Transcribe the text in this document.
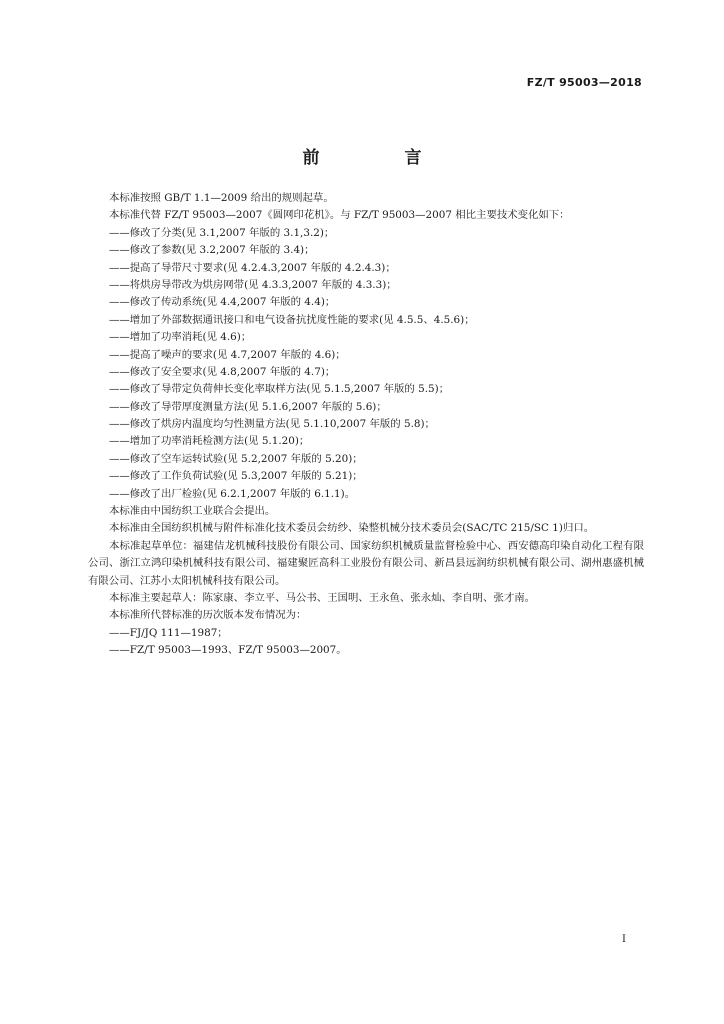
FZ/T 95003—2018
前　言
本标准按照 GB/T 1.1—2009 给出的规则起草。
本标准代替 FZ/T 95003—2007《圆网印花机》。与 FZ/T 95003—2007 相比主要技术变化如下：
——修改了分类(见 3.1,2007 年版的 3.1,3.2)；
——修改了参数(见 3.2,2007 年版的 3.4)；
——提高了导带尺寸要求(见 4.2.4.3,2007 年版的 4.2.4.3)；
——将烘房导带改为烘房网带(见 4.3.3,2007 年版的 4.3.3)；
——修改了传动系统(见 4.4,2007 年版的 4.4)；
——增加了外部数据通讯接口和电气设备抗扰度性能的要求(见 4.5.5、4.5.6)；
——增加了功率消耗(见 4.6)；
——提高了噪声的要求(见 4.7,2007 年版的 4.6)；
——修改了安全要求(见 4.8,2007 年版的 4.7)；
——修改了导带定负荷伸长变化率取样方法(见 5.1.5,2007 年版的 5.5)；
——修改了导带厚度测量方法(见 5.1.6,2007 年版的 5.6)；
——修改了烘房内温度均匀性测量方法(见 5.1.10,2007 年版的 5.8)；
——增加了功率消耗检测方法(见 5.1.20)；
——修改了空车运转试验(见 5.2,2007 年版的 5.20)；
——修改了工作负荷试验(见 5.3,2007 年版的 5.21)；
——修改了出厂检验(见 6.2.1,2007 年版的 6.1.1)。
本标准由中国纺织工业联合会提出。
本标准由全国纺织机械与附件标准化技术委员会纺纱、染整机械分技术委员会(SAC/TC 215/SC 1)归口。
本标准起草单位：福建佶龙机械科技股份有限公司、国家纺织机械质量监督检验中心、西安德高印染自动化工程有限公司、浙江立鸿印染机械科技有限公司、福建聚匠高科工业股份有限公司、新昌县远润纺织机械有限公司、湖州惠盛机械有限公司、江苏小太阳机械科技有限公司。
本标准主要起草人：陈家康、李立平、马公书、王国明、王永鱼、张永灿、李自明、张才南。
本标准所代替标准的历次版本发布情况为：
——FJ/JQ 111—1987；
——FZ/T 95003—1993、FZ/T 95003—2007。
I
